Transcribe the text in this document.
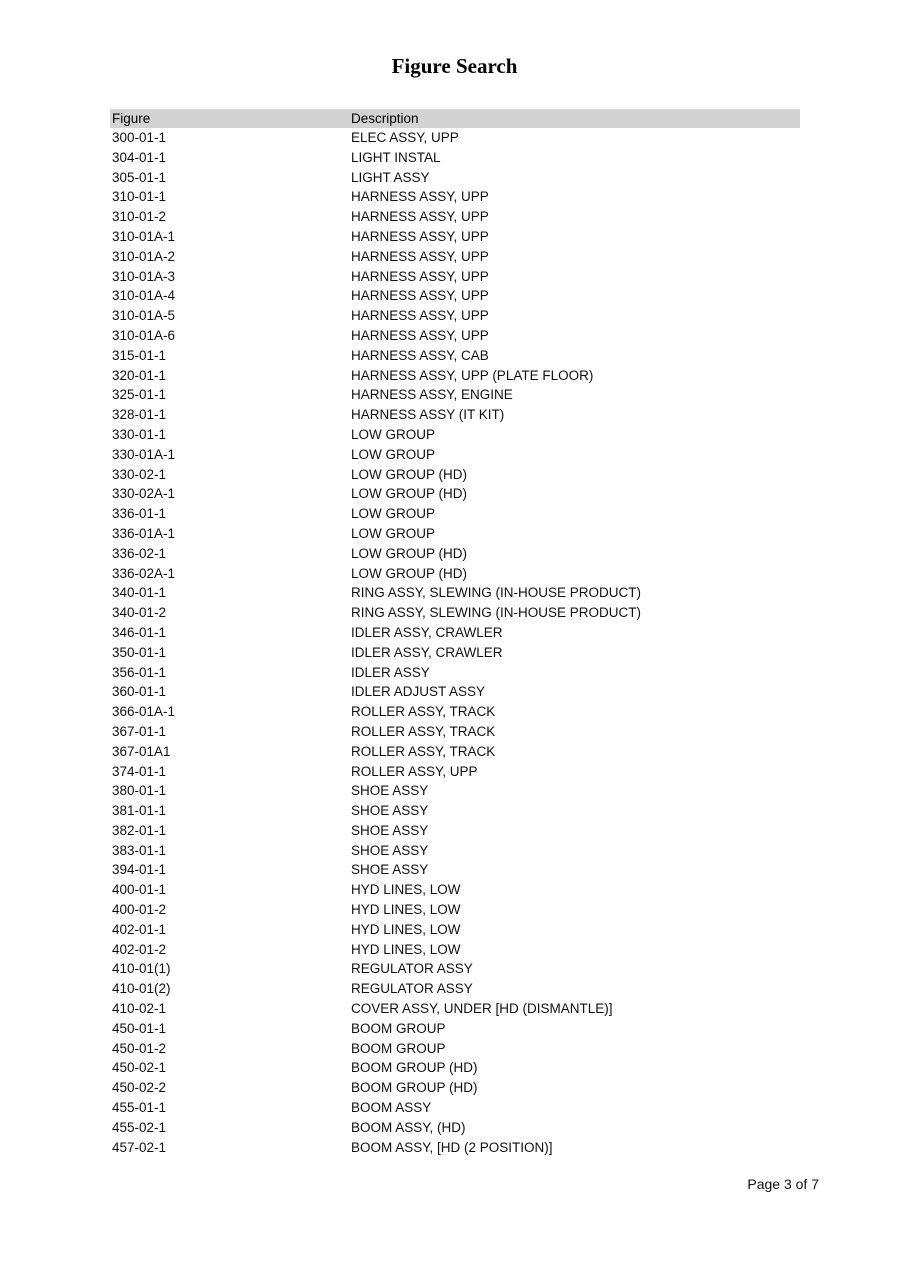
Figure Search
Figure	Description
300-01-1	ELEC ASSY, UPP
304-01-1	LIGHT INSTAL
305-01-1	LIGHT ASSY
310-01-1	HARNESS ASSY, UPP
310-01-2	HARNESS ASSY, UPP
310-01A-1	HARNESS ASSY, UPP
310-01A-2	HARNESS ASSY, UPP
310-01A-3	HARNESS ASSY, UPP
310-01A-4	HARNESS ASSY, UPP
310-01A-5	HARNESS ASSY, UPP
310-01A-6	HARNESS ASSY, UPP
315-01-1	HARNESS ASSY, CAB
320-01-1	HARNESS ASSY, UPP (PLATE FLOOR)
325-01-1	HARNESS ASSY, ENGINE
328-01-1	HARNESS ASSY (IT KIT)
330-01-1	LOW GROUP
330-01A-1	LOW GROUP
330-02-1	LOW GROUP (HD)
330-02A-1	LOW GROUP (HD)
336-01-1	LOW GROUP
336-01A-1	LOW GROUP
336-02-1	LOW GROUP (HD)
336-02A-1	LOW GROUP (HD)
340-01-1	RING ASSY, SLEWING (IN-HOUSE PRODUCT)
340-01-2	RING ASSY, SLEWING (IN-HOUSE PRODUCT)
346-01-1	IDLER ASSY, CRAWLER
350-01-1	IDLER ASSY, CRAWLER
356-01-1	IDLER ASSY
360-01-1	IDLER ADJUST ASSY
366-01A-1	ROLLER ASSY, TRACK
367-01-1	ROLLER ASSY, TRACK
367-01A1	ROLLER ASSY, TRACK
374-01-1	ROLLER ASSY, UPP
380-01-1	SHOE ASSY
381-01-1	SHOE ASSY
382-01-1	SHOE ASSY
383-01-1	SHOE ASSY
394-01-1	SHOE ASSY
400-01-1	HYD LINES, LOW
400-01-2	HYD LINES, LOW
402-01-1	HYD LINES, LOW
402-01-2	HYD LINES, LOW
410-01(1)	REGULATOR ASSY
410-01(2)	REGULATOR ASSY
410-02-1	COVER ASSY, UNDER [HD (DISMANTLE)]
450-01-1	BOOM GROUP
450-01-2	BOOM GROUP
450-02-1	BOOM GROUP (HD)
450-02-2	BOOM GROUP (HD)
455-01-1	BOOM ASSY
455-02-1	BOOM ASSY, (HD)
457-02-1	BOOM ASSY, [HD (2 POSITION)]
Page 3 of 7
